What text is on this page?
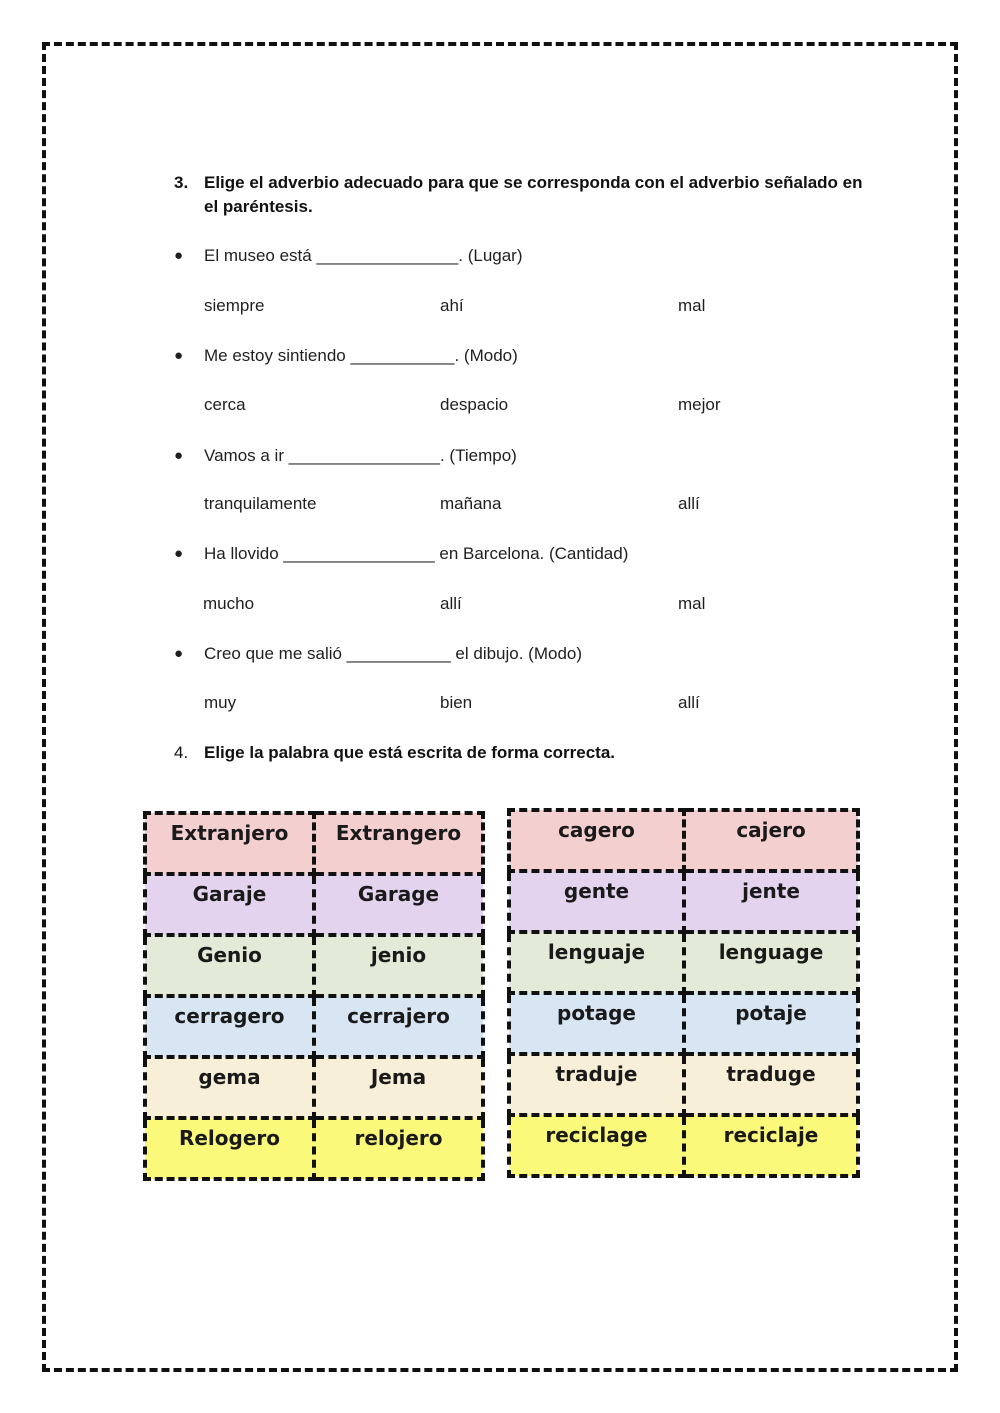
3. Elige el adverbio adecuado para que se corresponda con el adverbio señalado en el paréntesis.
● El museo está _______________. (Lugar)
siempre	ahí	mal
● Me estoy sintiendo ___________. (Modo)
cerca	despacio	mejor
● Vamos a ir ________________. (Tiempo)
tranquilamente	mañana	allí
● Ha llovido ________________ en Barcelona. (Cantidad)
mucho	allí	mal
● Creo que me salió ___________ el dibujo. (Modo)
muy	bien	allí
4. Elige la palabra que está escrita de forma correcta.
Extranjero	Extrangero
Garaje	Garage
Genio	jenio
cerragero	cerrajero
gema	Jema
Relogero	relojero
cagero	cajero
gente	jente
lenguaje	lenguage
potage	potaje
traduje	traduge
reciclage	reciclaje
